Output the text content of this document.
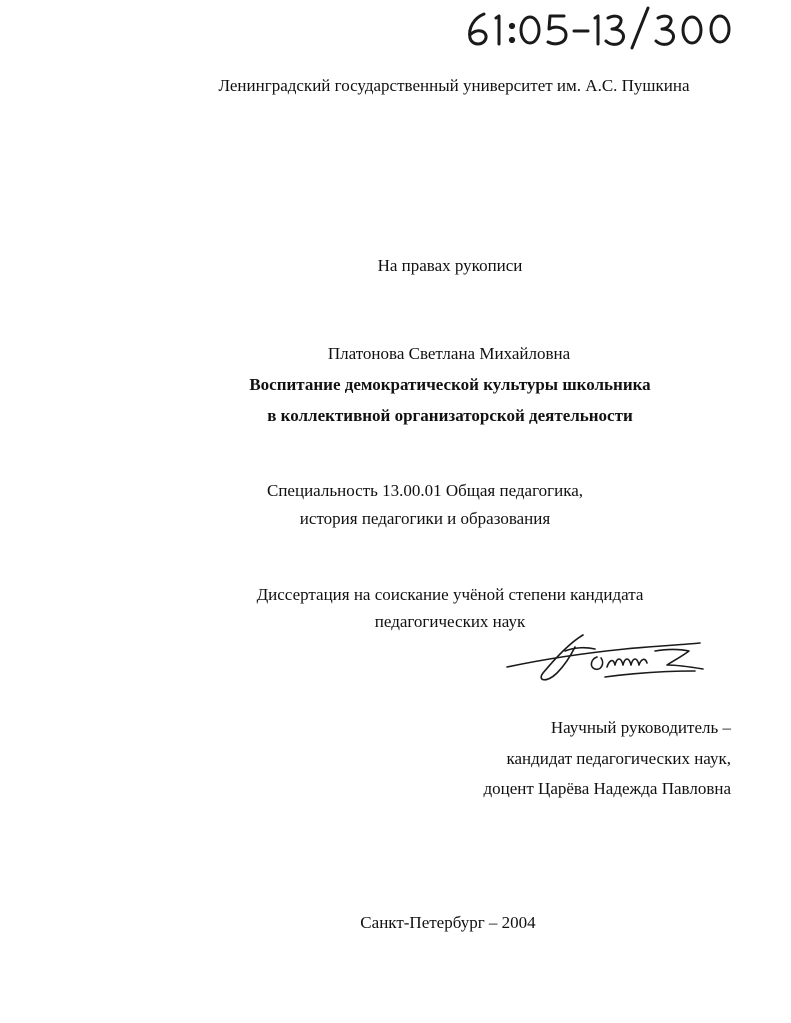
Ленинградский государственный университет им. А.С. Пушкина
На правах рукописи
Платонова Светлана Михайловна
Воспитание демократической культуры школьника
в коллективной организаторской деятельности
Специальность 13.00.01 Общая педагогика,
история педагогики и образования
Диссертация на соискание учёной степени кандидата
педагогических наук
Научный руководитель –
кандидат педагогических наук,
доцент Царёва Надежда Павловна
Санкт-Петербург – 2004
